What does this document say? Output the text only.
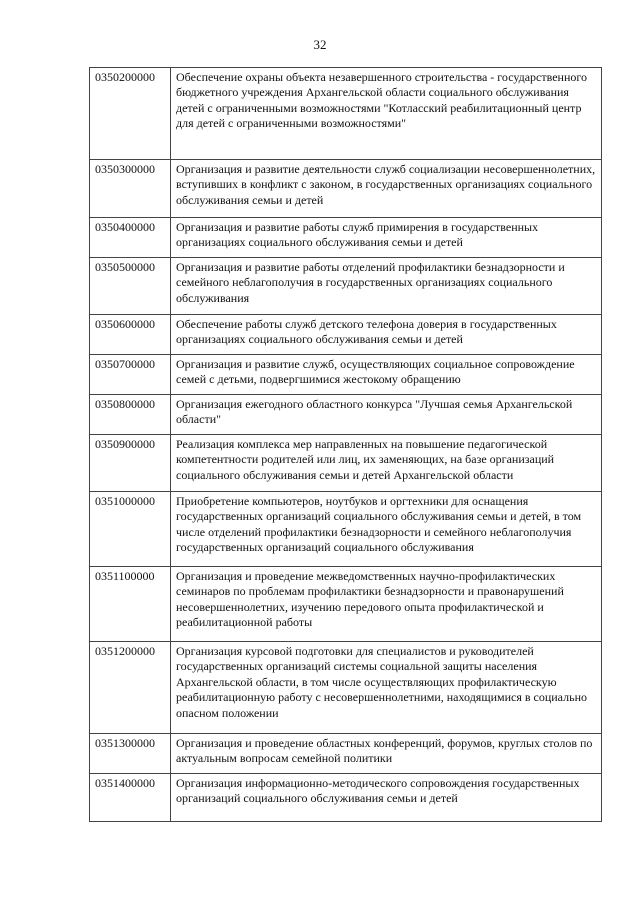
32
0350200000	Обеспечение охраны объекта незавершенного строительства - государственного бюджетного учреждения Архангельской области социального обслуживания детей с ограниченными возможностями "Котласский реабилитационный центр для детей с ограниченными возможностями"
0350300000	Организация и развитие деятельности служб социализации несовершеннолетних, вступивших в конфликт с законом, в государственных организациях социального обслуживания семьи и детей
0350400000	Организация и развитие работы служб примирения в государственных организациях социального обслуживания семьи и детей
0350500000	Организация и развитие работы отделений профилактики безнадзорности и семейного неблагополучия в государственных организациях социального обслуживания
0350600000	Обеспечение работы служб детского телефона доверия в государственных организациях социального обслуживания семьи и детей
0350700000	Организация и развитие служб, осуществляющих социальное сопровождение семей с детьми, подвергшимися жестокому обращению
0350800000	Организация ежегодного областного конкурса "Лучшая семья Архангельской области"
0350900000	Реализация комплекса мер направленных на повышение педагогической компетентности родителей или лиц, их заменяющих, на базе организаций социального обслуживания семьи и детей Архангельской области
0351000000	Приобретение компьютеров, ноутбуков и оргтехники для оснащения государственных организаций социального обслуживания семьи и детей, в том числе отделений профилактики безнадзорности и семейного неблагополучия государственных организаций социального обслуживания
0351100000	Организация и проведение межведомственных научно-профилактических семинаров по проблемам профилактики безнадзорности и правонарушений несовершеннолетних, изучению передового опыта профилактической и реабилитационной работы
0351200000	Организация курсовой подготовки для специалистов и руководителей государственных организаций системы социальной защиты населения Архангельской области, в том числе осуществляющих профилактическую реабилитационную работу с несовершеннолетними, находящимися в социально опасном положении
0351300000	Организация и проведение областных конференций, форумов, круглых столов по актуальным вопросам семейной политики
0351400000	Организация информационно-методического сопровождения государственных организаций социального обслуживания семьи и детей
